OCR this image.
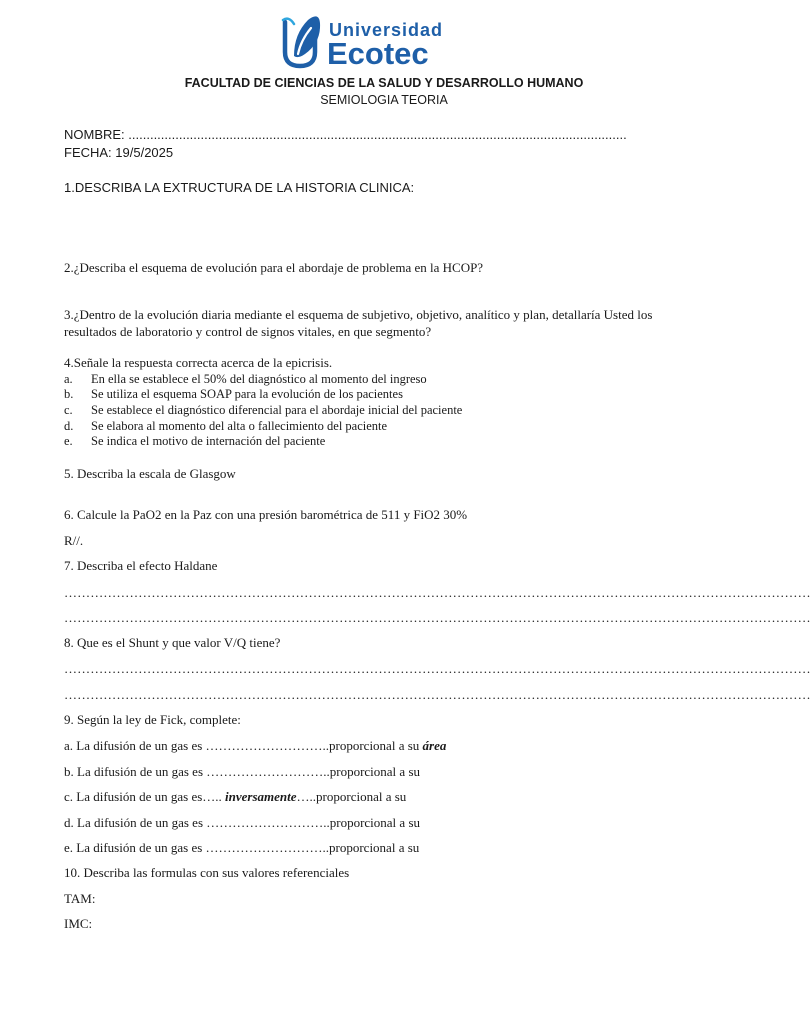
Universidad
Ecotec
FACULTAD DE CIENCIAS DE LA SALUD Y DESARROLLO HUMANO
SEMIOLOGIA TEORIA
NOMBRE: ..........................................................................................................................................
FECHA: 19/5/2025
1.DESCRIBA LA EXTRUCTURA DE LA HISTORIA CLINICA:
2.¿Describa el esquema de evolución para el abordaje de problema en la HCOP?
3.¿Dentro de la evolución diaria mediante el esquema de subjetivo, objetivo, analítico y plan, detallaría Usted los
resultados de laboratorio y control de signos vitales, en que segmento?
4.Señale la respuesta correcta acerca de la epicrisis.
a. En ella se establece el 50% del diagnóstico al momento del ingreso
b. Se utiliza el esquema SOAP para la evolución de los pacientes
c. Se establece el diagnóstico diferencial para el abordaje inicial del paciente
d. Se elabora al momento del alta o fallecimiento del paciente
e. Se indica el motivo de internación del paciente
5. Describa la escala de Glasgow
6. Calcule la PaO2 en la Paz con una presión barométrica de 511 y FiO2 30%
R//.
7. Describa el efecto Haldane
………………………………………………………………………………………………………………………………………………………
………………………………………………………………………………………………………………………………………………………
8. Que es el Shunt y que valor V/Q tiene?
………………………………………………………………………………………………………………………………………………………
………………………………………………………………………………………………………………………………………………………
9. Según la ley de Fick, complete:
a. La difusión de un gas es ………………………..proporcional a su área
b. La difusión de un gas es ………………………..proporcional a su
c. La difusión de un gas es….. inversamente…..proporcional a su
d. La difusión de un gas es ………………………..proporcional a su
e. La difusión de un gas es ………………………..proporcional a su
10. Describa las formulas con sus valores referenciales
TAM:
IMC:
